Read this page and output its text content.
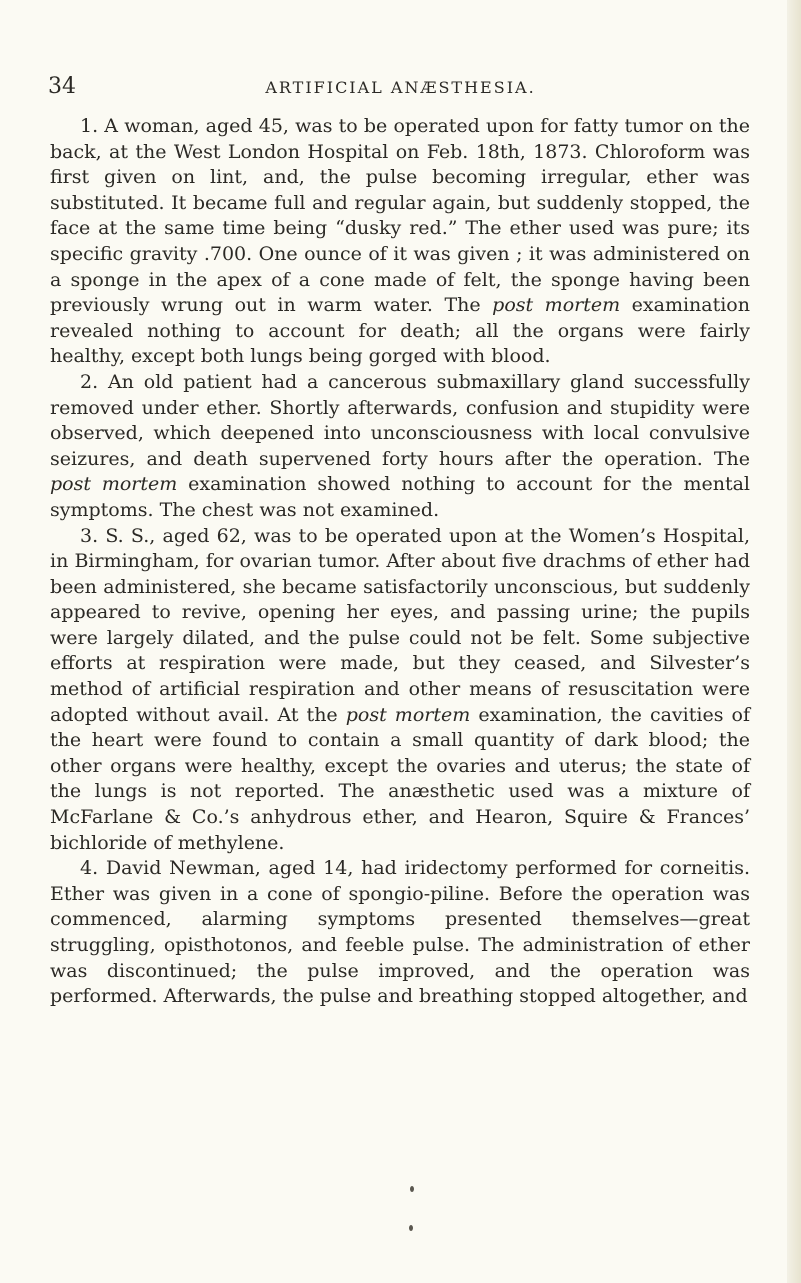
34	ARTIFICIAL ANÆSTHESIA.

1. A woman, aged 45, was to be operated upon for fatty tumor on the back, at the West London Hospital on Feb. 18th, 1873. Chloroform was first given on lint, and, the pulse becoming irregular, ether was substituted. It became full and regular again, but suddenly stopped, the face at the same time being “dusky red.” The ether used was pure; its specific gravity .700. One ounce of it was given ; it was administered on a sponge in the apex of a cone made of felt, the sponge having been previously wrung out in warm water. The post mortem examination revealed nothing to account for death; all the organs were fairly healthy, except both lungs being gorged with blood.

2. An old patient had a cancerous submaxillary gland successfully removed under ether. Shortly afterwards, confusion and stupidity were observed, which deepened into unconsciousness with local convulsive seizures, and death supervened forty hours after the operation. The post mortem examination showed nothing to account for the mental symptoms. The chest was not examined.

3. S. S., aged 62, was to be operated upon at the Women’s Hospital, in Birmingham, for ovarian tumor. After about five drachms of ether had been administered, she became satisfactorily unconscious, but suddenly appeared to revive, opening her eyes, and passing urine; the pupils were largely dilated, and the pulse could not be felt. Some subjective efforts at respiration were made, but they ceased, and Silvester’s method of artificial respiration and other means of resuscitation were adopted without avail. At the post mortem examination, the cavities of the heart were found to contain a small quantity of dark blood; the other organs were healthy, except the ovaries and uterus; the state of the lungs is not reported. The anæsthetic used was a mixture of McFarlane & Co.’s anhydrous ether, and Hearon, Squire & Frances’ bichloride of methylene.

4. David Newman, aged 14, had iridectomy performed for corneitis. Ether was given in a cone of spongio-piline. Before the operation was commenced, alarming symptoms presented themselves—great struggling, opisthotonos, and feeble pulse. The administration of ether was discontinued; the pulse improved, and the operation was performed. Afterwards, the pulse and breathing stopped altogether, and
